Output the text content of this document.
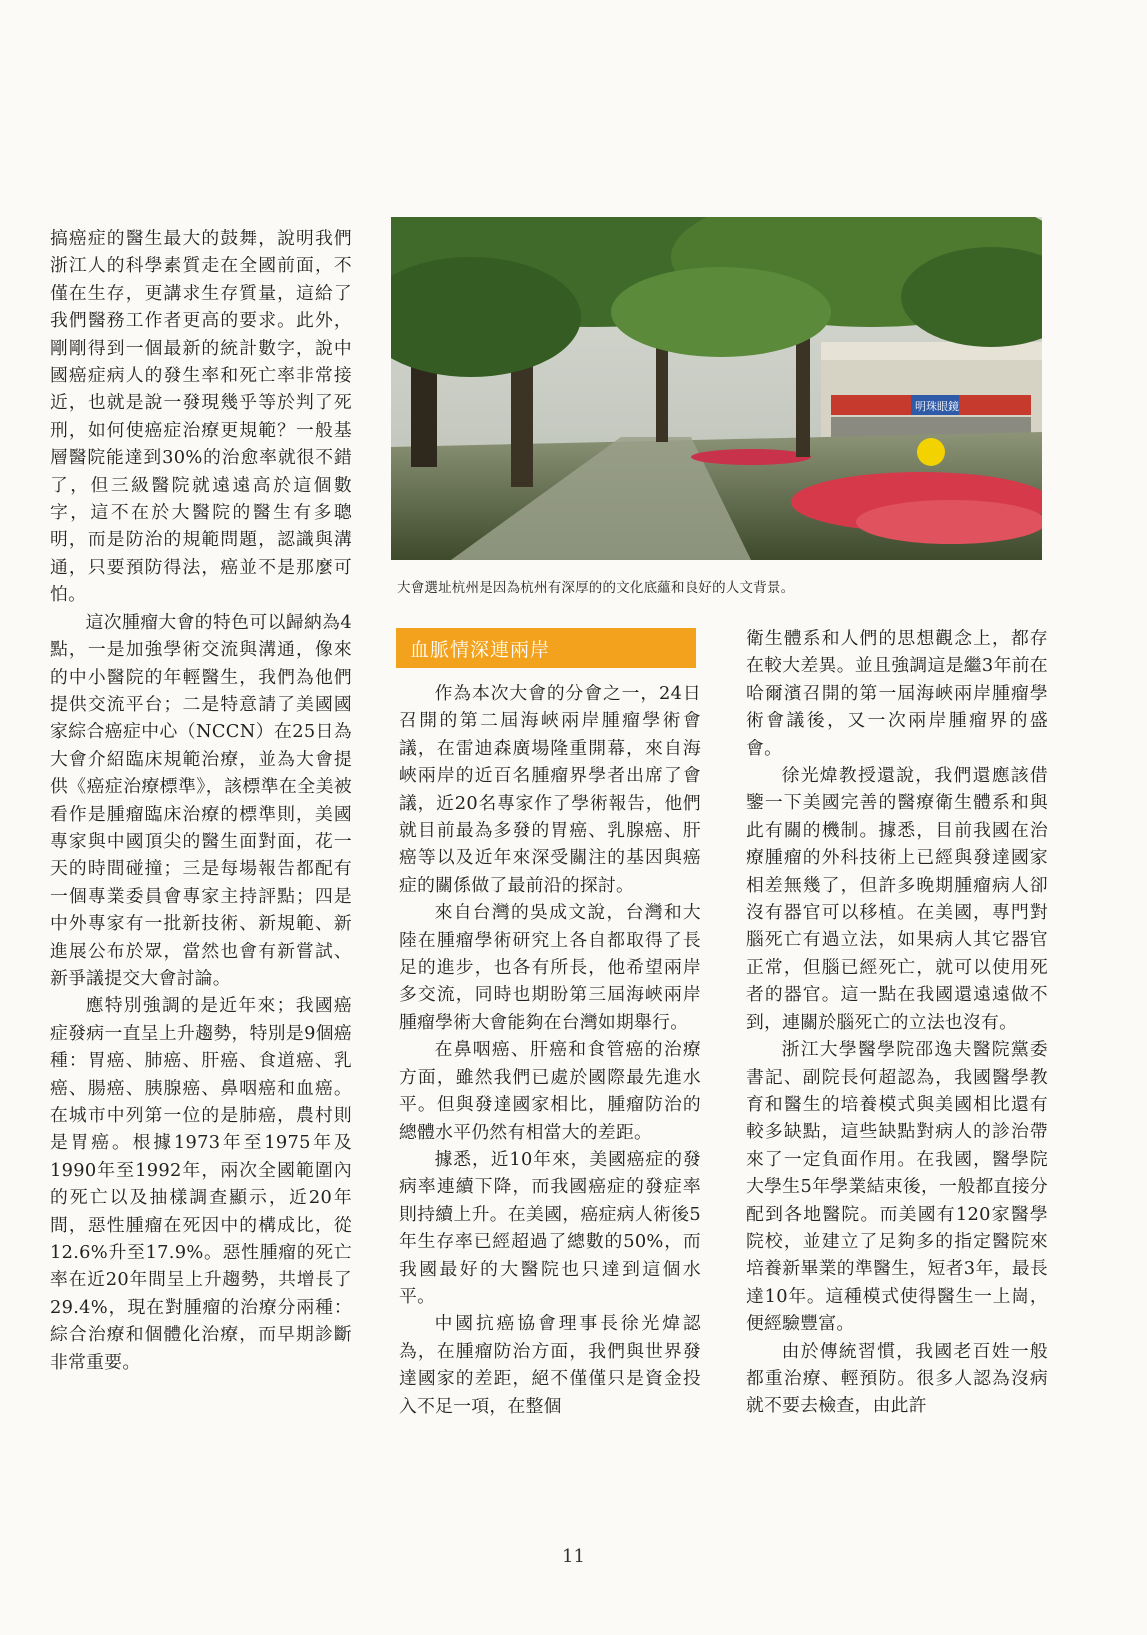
搞癌症的醫生最大的鼓舞，說明我們浙江人的科學素質走在全國前面，不僅在生存，更講求生存質量，這給了我們醫務工作者更高的要求。此外，剛剛得到一個最新的統計數字，說中國癌症病人的發生率和死亡率非常接近，也就是說一發現幾乎等於判了死刑，如何使癌症治療更規範？一般基層醫院能達到30%的治愈率就很不錯了，但三級醫院就遠遠高於這個數字，這不在於大醫院的醫生有多聰明，而是防治的規範問題，認識與溝通，只要預防得法，癌並不是那麼可怕。

這次腫瘤大會的特色可以歸納為4點，一是加強學術交流與溝通，像來的中小醫院的年輕醫生，我們為他們提供交流平台；二是特意請了美國國家綜合癌症中心（NCCN）在25日為大會介紹臨床規範治療，並為大會提供《癌症治療標準》，該標準在全美被看作是腫瘤臨床治療的標準則，美國專家與中國頂尖的醫生面對面，花一天的時間碰撞；三是每場報告都配有一個專業委員會專家主持評點；四是中外專家有一批新技術、新規範、新進展公布於眾，當然也會有新嘗試、新爭議提交大會討論。

應特別強調的是近年來；我國癌症發病一直呈上升趨勢，特別是9個癌種：胃癌、肺癌、肝癌、食道癌、乳癌、腸癌、胰腺癌、鼻咽癌和血癌。在城市中列第一位的是肺癌，農村則是胃癌。根據1973年至1975年及1990年至1992年，兩次全國範圍內的死亡以及抽樣調查顯示，近20年間，惡性腫瘤在死因中的構成比，從12.6%升至17.9%。惡性腫瘤的死亡率在近20年間呈上升趨勢，共增長了29.4%，現在對腫瘤的治療分兩種：綜合治療和個體化治療，而早期診斷非常重要。

明珠眼鏡
大會選址杭州是因為杭州有深厚的的文化底蘊和良好的人文背景。
血脈情深連兩岸

作為本次大會的分會之一，24日召開的第二屆海峽兩岸腫瘤學術會議，在雷迪森廣場隆重開幕，來自海峽兩岸的近百名腫瘤界學者出席了會議，近20名專家作了學術報告，他們就目前最為多發的胃癌、乳腺癌、肝癌等以及近年來深受關注的基因與癌症的關係做了最前沿的探討。

來自台灣的吳成文說，台灣和大陸在腫瘤學術研究上各自都取得了長足的進步，也各有所長，他希望兩岸多交流，同時也期盼第三屆海峽兩岸腫瘤學術大會能夠在台灣如期舉行。

在鼻咽癌、肝癌和食管癌的治療方面，雖然我們已處於國際最先進水平。但與發達國家相比，腫瘤防治的總體水平仍然有相當大的差距。

據悉，近10年來，美國癌症的發病率連續下降，而我國癌症的發症率則持續上升。在美國，癌症病人術後5年生存率已經超過了總數的50%，而我國最好的大醫院也只達到這個水平。

中國抗癌協會理事長徐光煒認為，在腫瘤防治方面，我們與世界發達國家的差距，絕不僅僅只是資金投入不足一項，在整個

衛生體系和人們的思想觀念上，都存在較大差異。並且強調這是繼3年前在哈爾濱召開的第一屆海峽兩岸腫瘤學術會議後，又一次兩岸腫瘤界的盛會。

徐光煒教授還說，我們還應該借鑒一下美國完善的醫療衛生體系和與此有關的機制。據悉，目前我國在治療腫瘤的外科技術上已經與發達國家相差無幾了，但許多晚期腫瘤病人卻沒有器官可以移植。在美國，專門對腦死亡有過立法，如果病人其它器官正常，但腦已經死亡，就可以使用死者的器官。這一點在我國還遠遠做不到，連關於腦死亡的立法也沒有。

浙江大學醫學院邵逸夫醫院黨委書記、副院長何超認為，我國醫學教育和醫生的培養模式與美國相比還有較多缺點，這些缺點對病人的診治帶來了一定負面作用。在我國，醫學院大學生5年學業結束後，一般都直接分配到各地醫院。而美國有120家醫學院校，並建立了足夠多的指定醫院來培養新畢業的準醫生，短者3年，最長達10年。這種模式使得醫生一上崗，便經驗豐富。

由於傳統習慣，我國老百姓一般都重治療、輕預防。很多人認為沒病就不要去檢查，由此許

11
